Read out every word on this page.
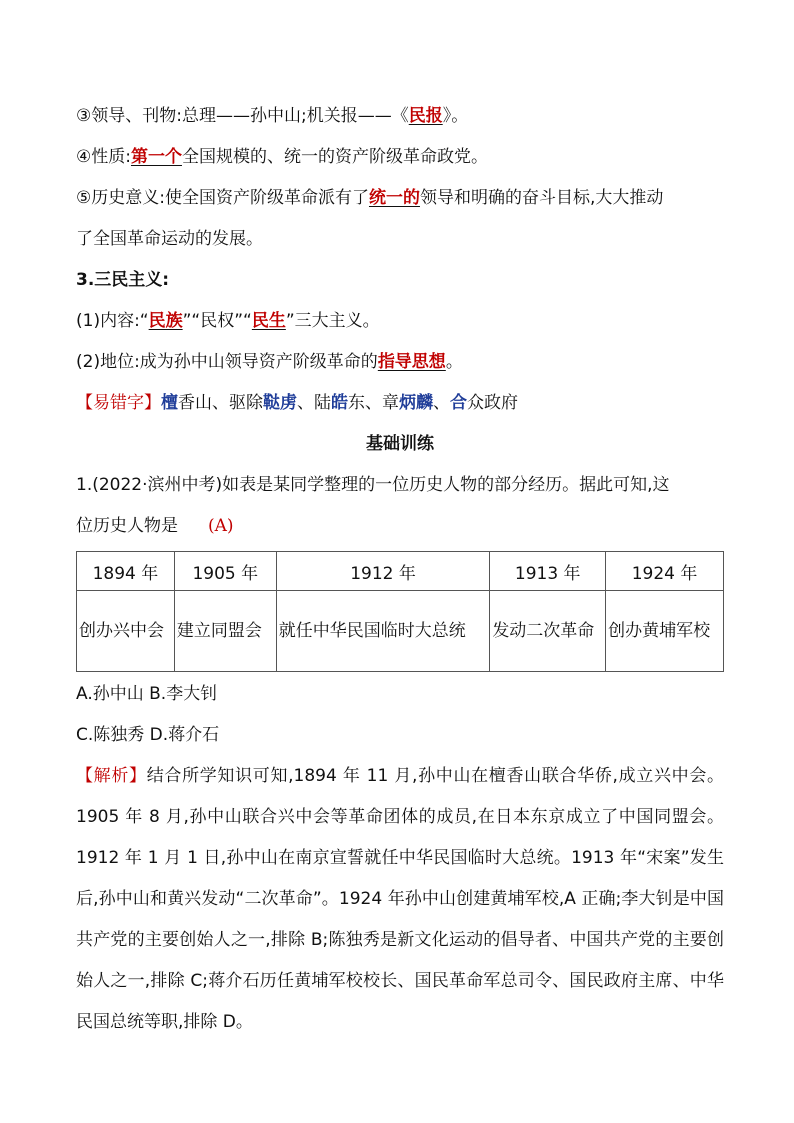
③领导、刊物:总理——孙中山;机关报——《民报》。
④性质:第一个全国规模的、统一的资产阶级革命政党。
⑤历史意义:使全国资产阶级革命派有了统一的领导和明确的奋斗目标,大大推动
了全国革命运动的发展。
3.三民主义:
(1)内容:“民族”“民权”“民生”三大主义。
(2)地位:成为孙中山领导资产阶级革命的指导思想。
【易错字】檀香山、驱除鞑虏、陆皓东、章炳麟、合众政府
基础训练
1.(2022·滨州中考)如表是某同学整理的一位历史人物的部分经历。据此可知,这
位历史人物是 (A)
1894 年	1905 年	1912 年	1913 年	1924 年
创办兴中会	建立同盟会	就任中华民国临时大总统	发动二次革命	创办黄埔军校
A.孙中山 B.李大钊
C.陈独秀 D.蒋介石
【解析】结合所学知识可知,1894 年 11 月,孙中山在檀香山联合华侨,成立兴中会。1905 年 8 月,孙中山联合兴中会等革命团体的成员,在日本东京成立了中国同盟会。1912 年 1 月 1 日,孙中山在南京宣誓就任中华民国临时大总统。1913 年“宋案”发生后,孙中山和黄兴发动“二次革命”。1924 年孙中山创建黄埔军校,A 正确;李大钊是中国共产党的主要创始人之一,排除 B;陈独秀是新文化运动的倡导者、中国共产党的主要创始人之一,排除 C;蒋介石历任黄埔军校校长、国民革命军总司令、国民政府主席、中华民国总统等职,排除 D。
